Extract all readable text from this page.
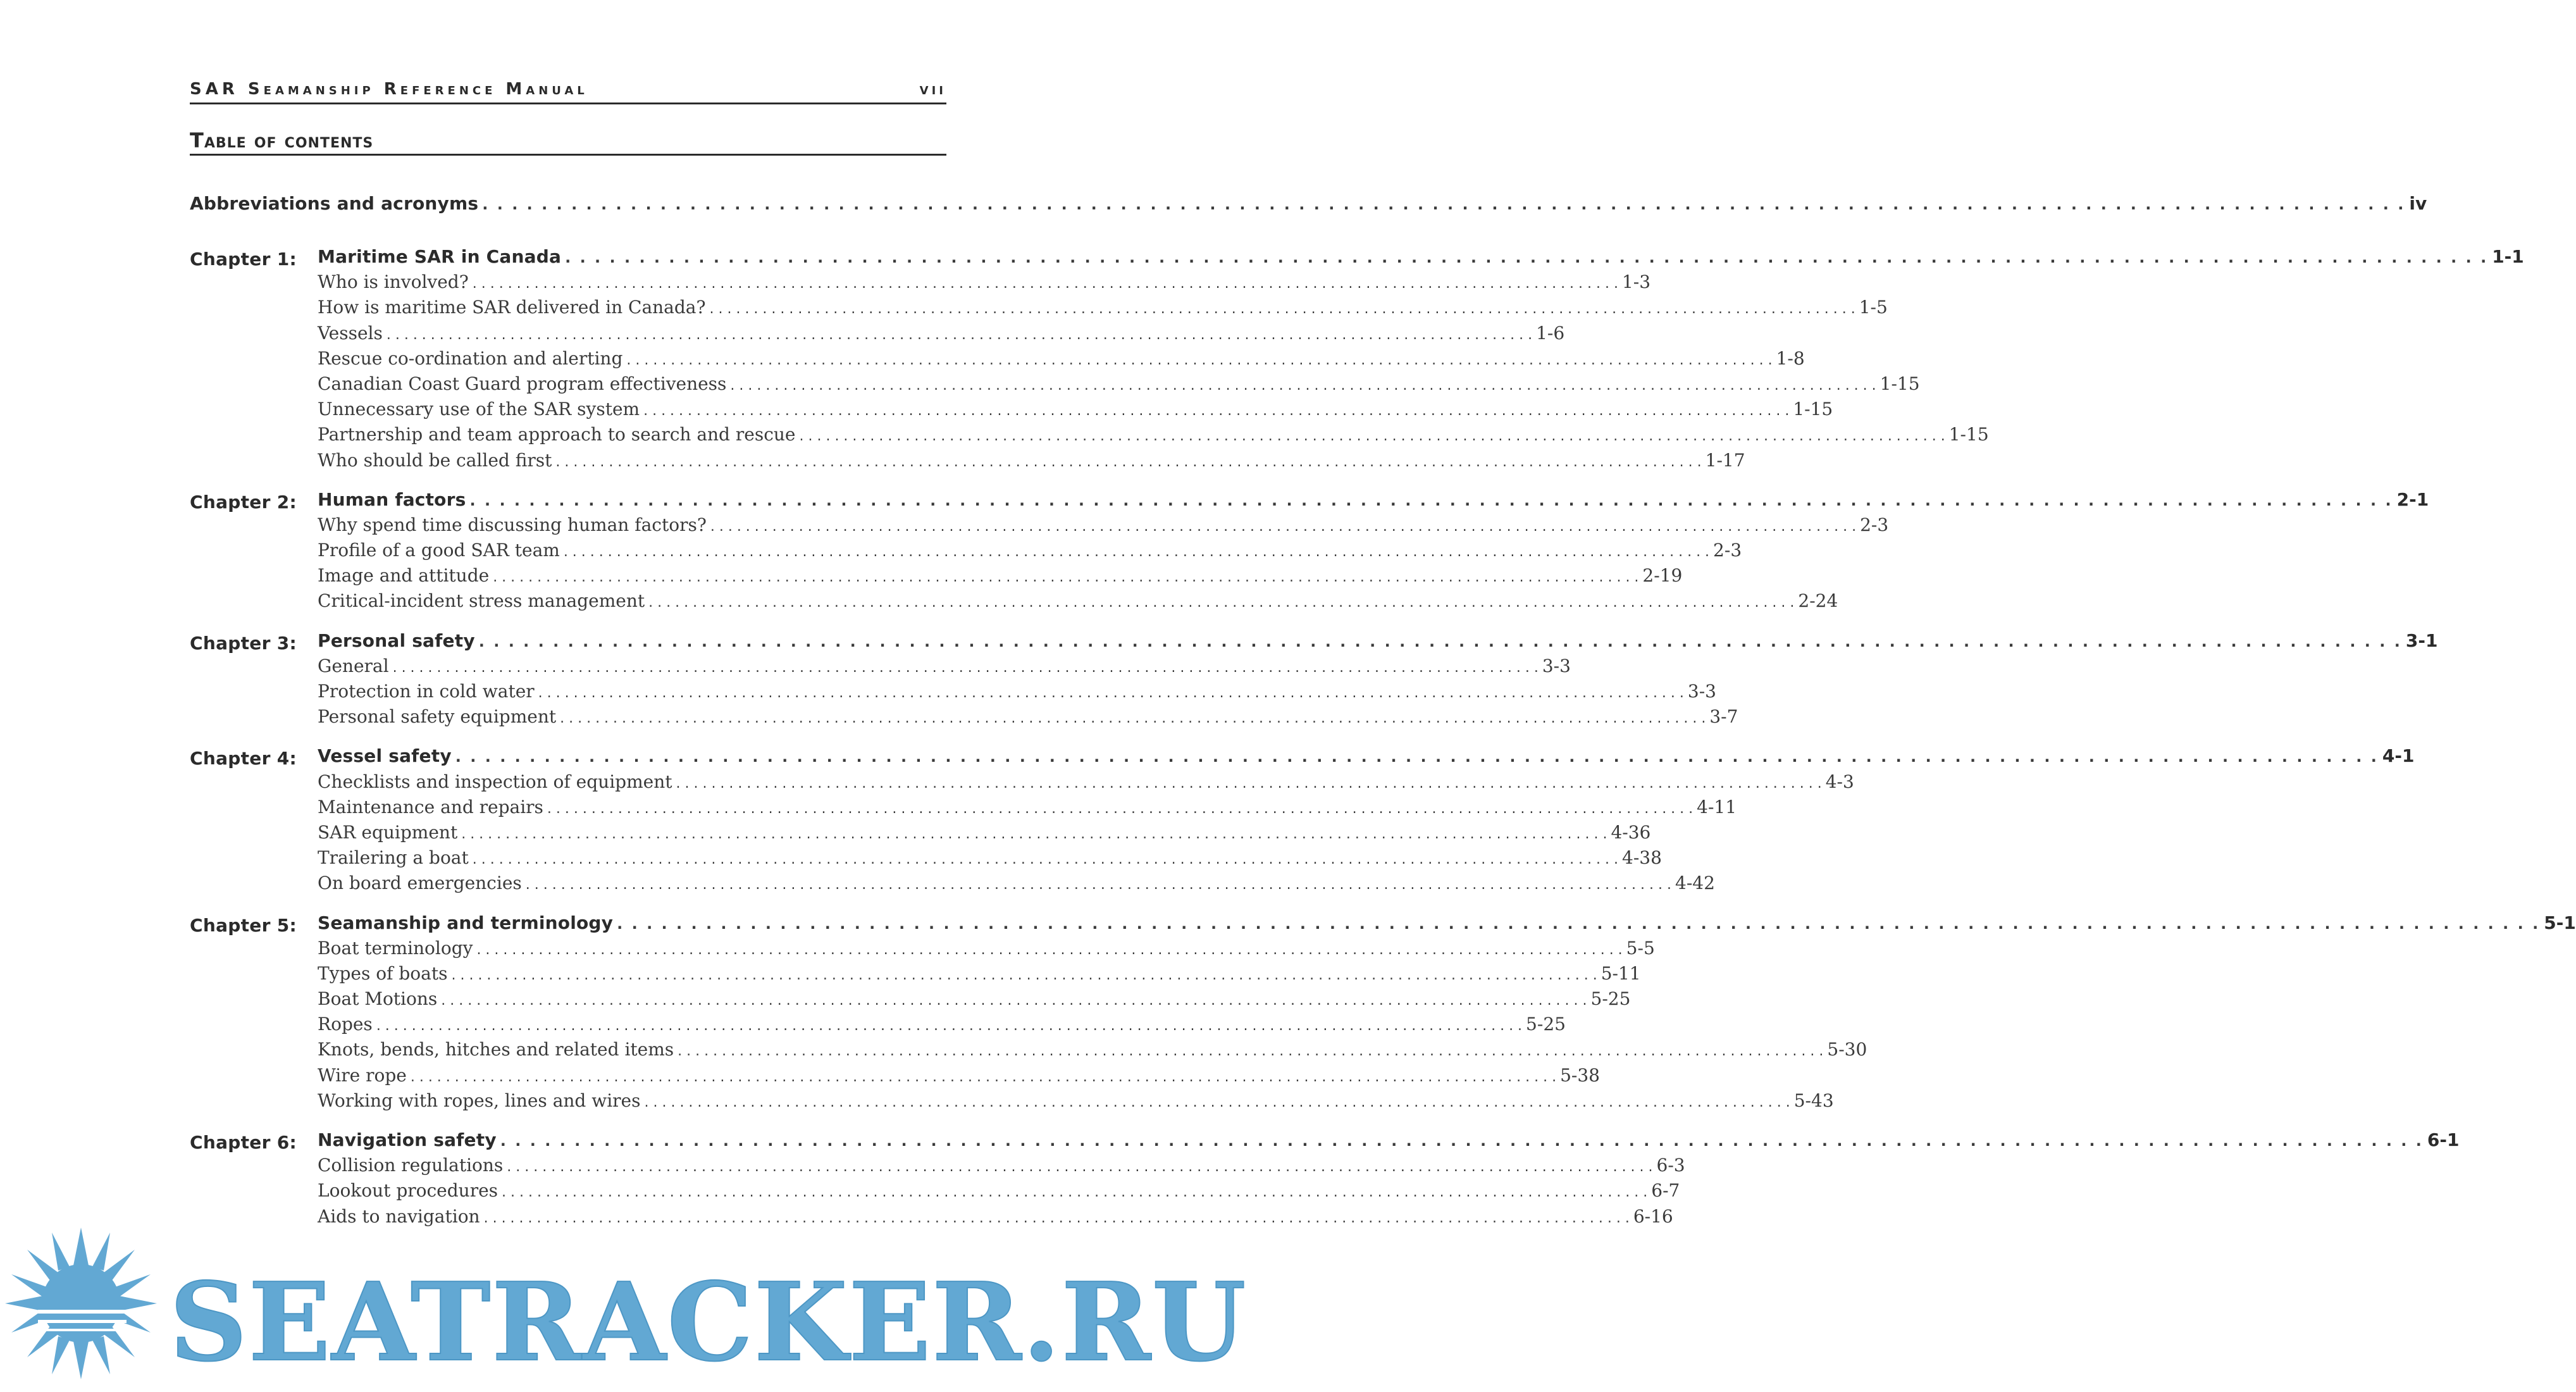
SAR Seamanship Reference Manual	vii
Table of contents
Abbreviations and acronyms . . .	iv
Chapter 1: Maritime SAR in Canada . . .	1-1
Who is involved? . . .	1-3
How is maritime SAR delivered in Canada? . . .	1-5
Vessels . . .	1-6
Rescue co-ordination and alerting . . .	1-8
Canadian Coast Guard program effectiveness . . .	1-15
Unnecessary use of the SAR system . . .	1-15
Partnership and team approach to search and rescue . . .	1-15
Who should be called first . . .	1-17
Chapter 2: Human factors . . .	2-1
Why spend time discussing human factors? . . .	2-3
Profile of a good SAR team . . .	2-3
Image and attitude . . .	2-19
Critical-incident stress management . . .	2-24
Chapter 3: Personal safety . . .	3-1
General . . .	3-3
Protection in cold water . . .	3-3
Personal safety equipment . . .	3-7
Chapter 4: Vessel safety . . .	4-1
Checklists and inspection of equipment . . .	4-3
Maintenance and repairs . . .	4-11
SAR equipment . . .	4-36
Trailering a boat . . .	4-38
On board emergencies . . .	4-42
Chapter 5: Seamanship and terminology . . .	5-1
Boat terminology . . .	5-5
Types of boats . . .	5-11
Boat Motions . . .	5-25
Ropes . . .	5-25
Knots, bends, hitches and related items . . .	5-30
Wire rope . . .	5-38
Working with ropes, lines and wires . . .	5-43
Chapter 6: Navigation safety . . .	6-1
Collision regulations . . .	6-3
Lookout procedures . . .	6-7
Aids to navigation . . .	6-16
SEATRACKER.RU
